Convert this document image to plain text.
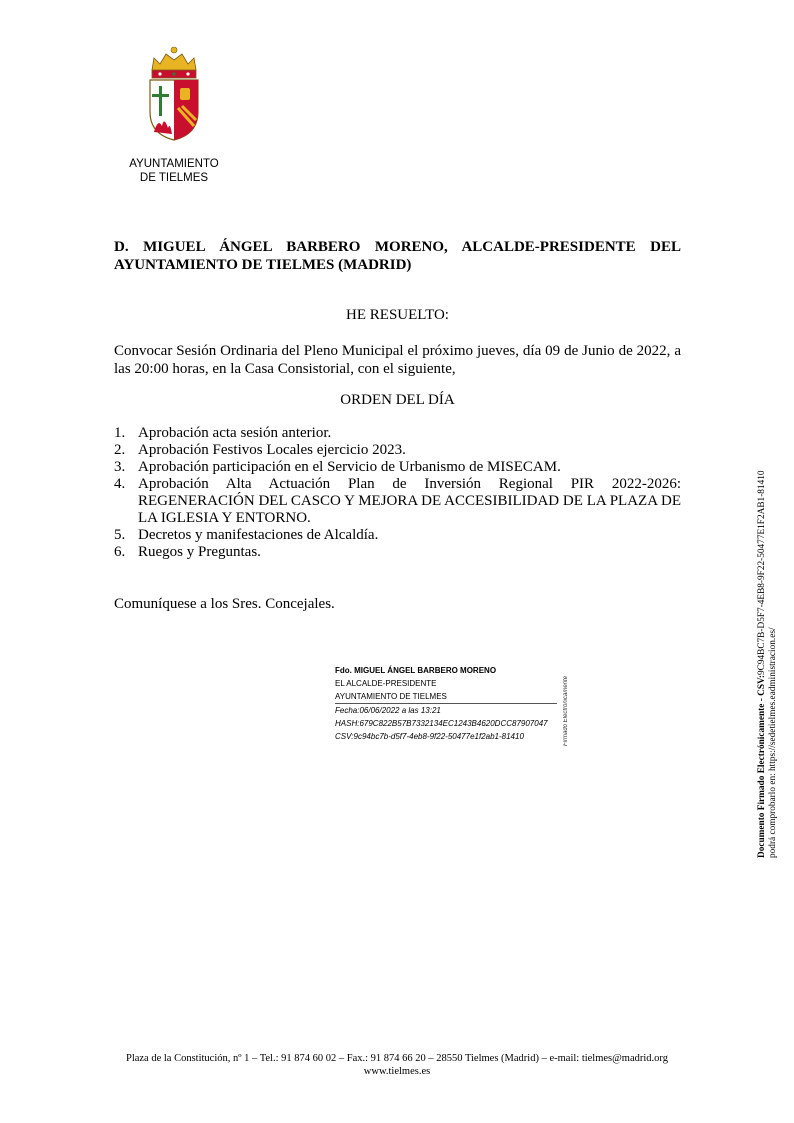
AYUNTAMIENTO
DE TIELMES
D. MIGUEL ÁNGEL BARBERO MORENO, ALCALDE-PRESIDENTE DEL AYUNTAMIENTO DE TIELMES (MADRID)
HE RESUELTO:
Convocar Sesión Ordinaria del Pleno Municipal el próximo jueves, día 09 de Junio de 2022, a las 20:00 horas, en la Casa Consistorial, con el siguiente,
ORDEN DEL DÍA
1. Aprobación acta sesión anterior.
2. Aprobación Festivos Locales ejercicio 2023.
3. Aprobación participación en el Servicio de Urbanismo de MISECAM.
4. Aprobación Alta Actuación Plan de Inversión Regional PIR 2022-2026: REGENERACIÓN DEL CASCO Y MEJORA DE ACCESIBILIDAD DE LA PLAZA DE LA IGLESIA Y ENTORNO.
5. Decretos y manifestaciones de Alcaldía.
6. Ruegos y Preguntas.
Comuníquese a los Sres. Concejales.
Fdo. MIGUEL ÁNGEL BARBERO MORENO
EL ALCALDE-PRESIDENTE
AYUNTAMIENTO DE TIELMES
Fecha:06/06/2022 a las 13:21
HASH:679C822B57B7332134EC1243B4620DCC87907047
CSV:9c94bc7b-d5f7-4eb8-9f22-50477e1f2ab1-81410	Firmado Electrónicamente	Documento Firmado Electrónicamente - CSV:9C94BC7B-D5F7-4EB8-9F22-50477E1F2AB1-81410
podrá comprobarlo en: https://sedetielmes.eadministracion.es/
Plaza de la Constitución, nº 1 – Tel.: 91 874 60 02 – Fax.: 91 874 66 20 – 28550 Tielmes (Madrid) – e-mail: tielmes@madrid.org
www.tielmes.es
